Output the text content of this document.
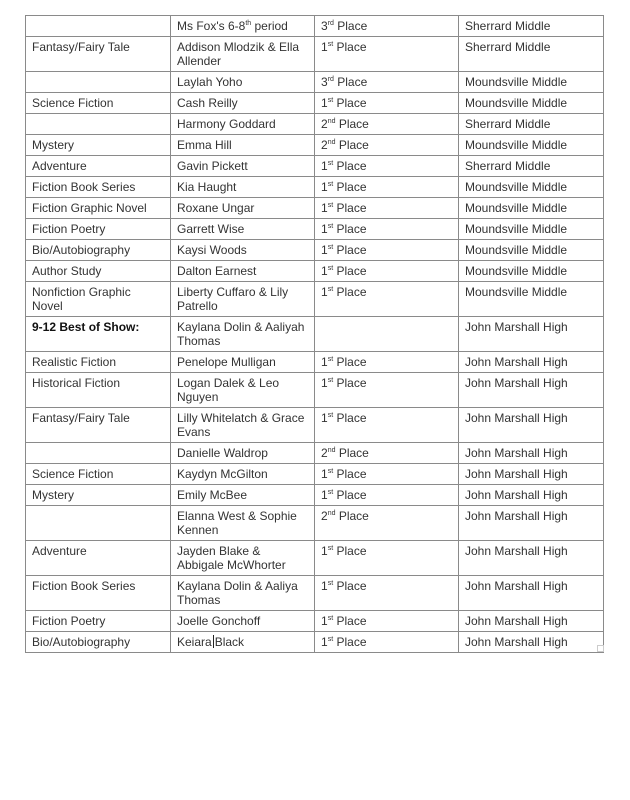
	Ms Fox's 6-8th period	3rd Place	Sherrard Middle
Fantasy/Fairy Tale	Addison Mlodzik & Ella Allender	1st Place	Sherrard Middle
	Laylah Yoho	3rd Place	Moundsville Middle
Science Fiction	Cash Reilly	1st Place	Moundsville Middle
	Harmony Goddard	2nd Place	Sherrard Middle
Mystery	Emma Hill	2nd Place	Moundsville Middle
Adventure	Gavin Pickett	1st Place	Sherrard Middle
Fiction Book Series	Kia Haught	1st Place	Moundsville Middle
Fiction Graphic Novel	Roxane Ungar	1st Place	Moundsville Middle
Fiction Poetry	Garrett Wise	1st Place	Moundsville Middle
Bio/Autobiography	Kaysi Woods	1st Place	Moundsville Middle
Author Study	Dalton Earnest	1st Place	Moundsville Middle
Nonfiction Graphic Novel	Liberty Cuffaro & Lily Patrello	1st Place	Moundsville Middle
9-12 Best of Show:	Kaylana Dolin & Aaliyah Thomas		John Marshall High
Realistic Fiction	Penelope Mulligan	1st Place	John Marshall High
Historical Fiction	Logan Dalek & Leo Nguyen	1st Place	John Marshall High
Fantasy/Fairy Tale	Lilly Whitelatch & Grace Evans	1st Place	John Marshall High
	Danielle Waldrop	2nd Place	John Marshall High
Science Fiction	Kaydyn McGilton	1st Place	John Marshall High
Mystery	Emily McBee	1st Place	John Marshall High
	Elanna West & Sophie Kennen	2nd Place	John Marshall High
Adventure	Jayden Blake & Abbigale McWhorter	1st Place	John Marshall High
Fiction Book Series	Kaylana Dolin & Aaliya Thomas	1st Place	John Marshall High
Fiction Poetry	Joelle Gonchoff	1st Place	John Marshall High
Bio/Autobiography	Keiara Black	1st Place	John Marshall High
